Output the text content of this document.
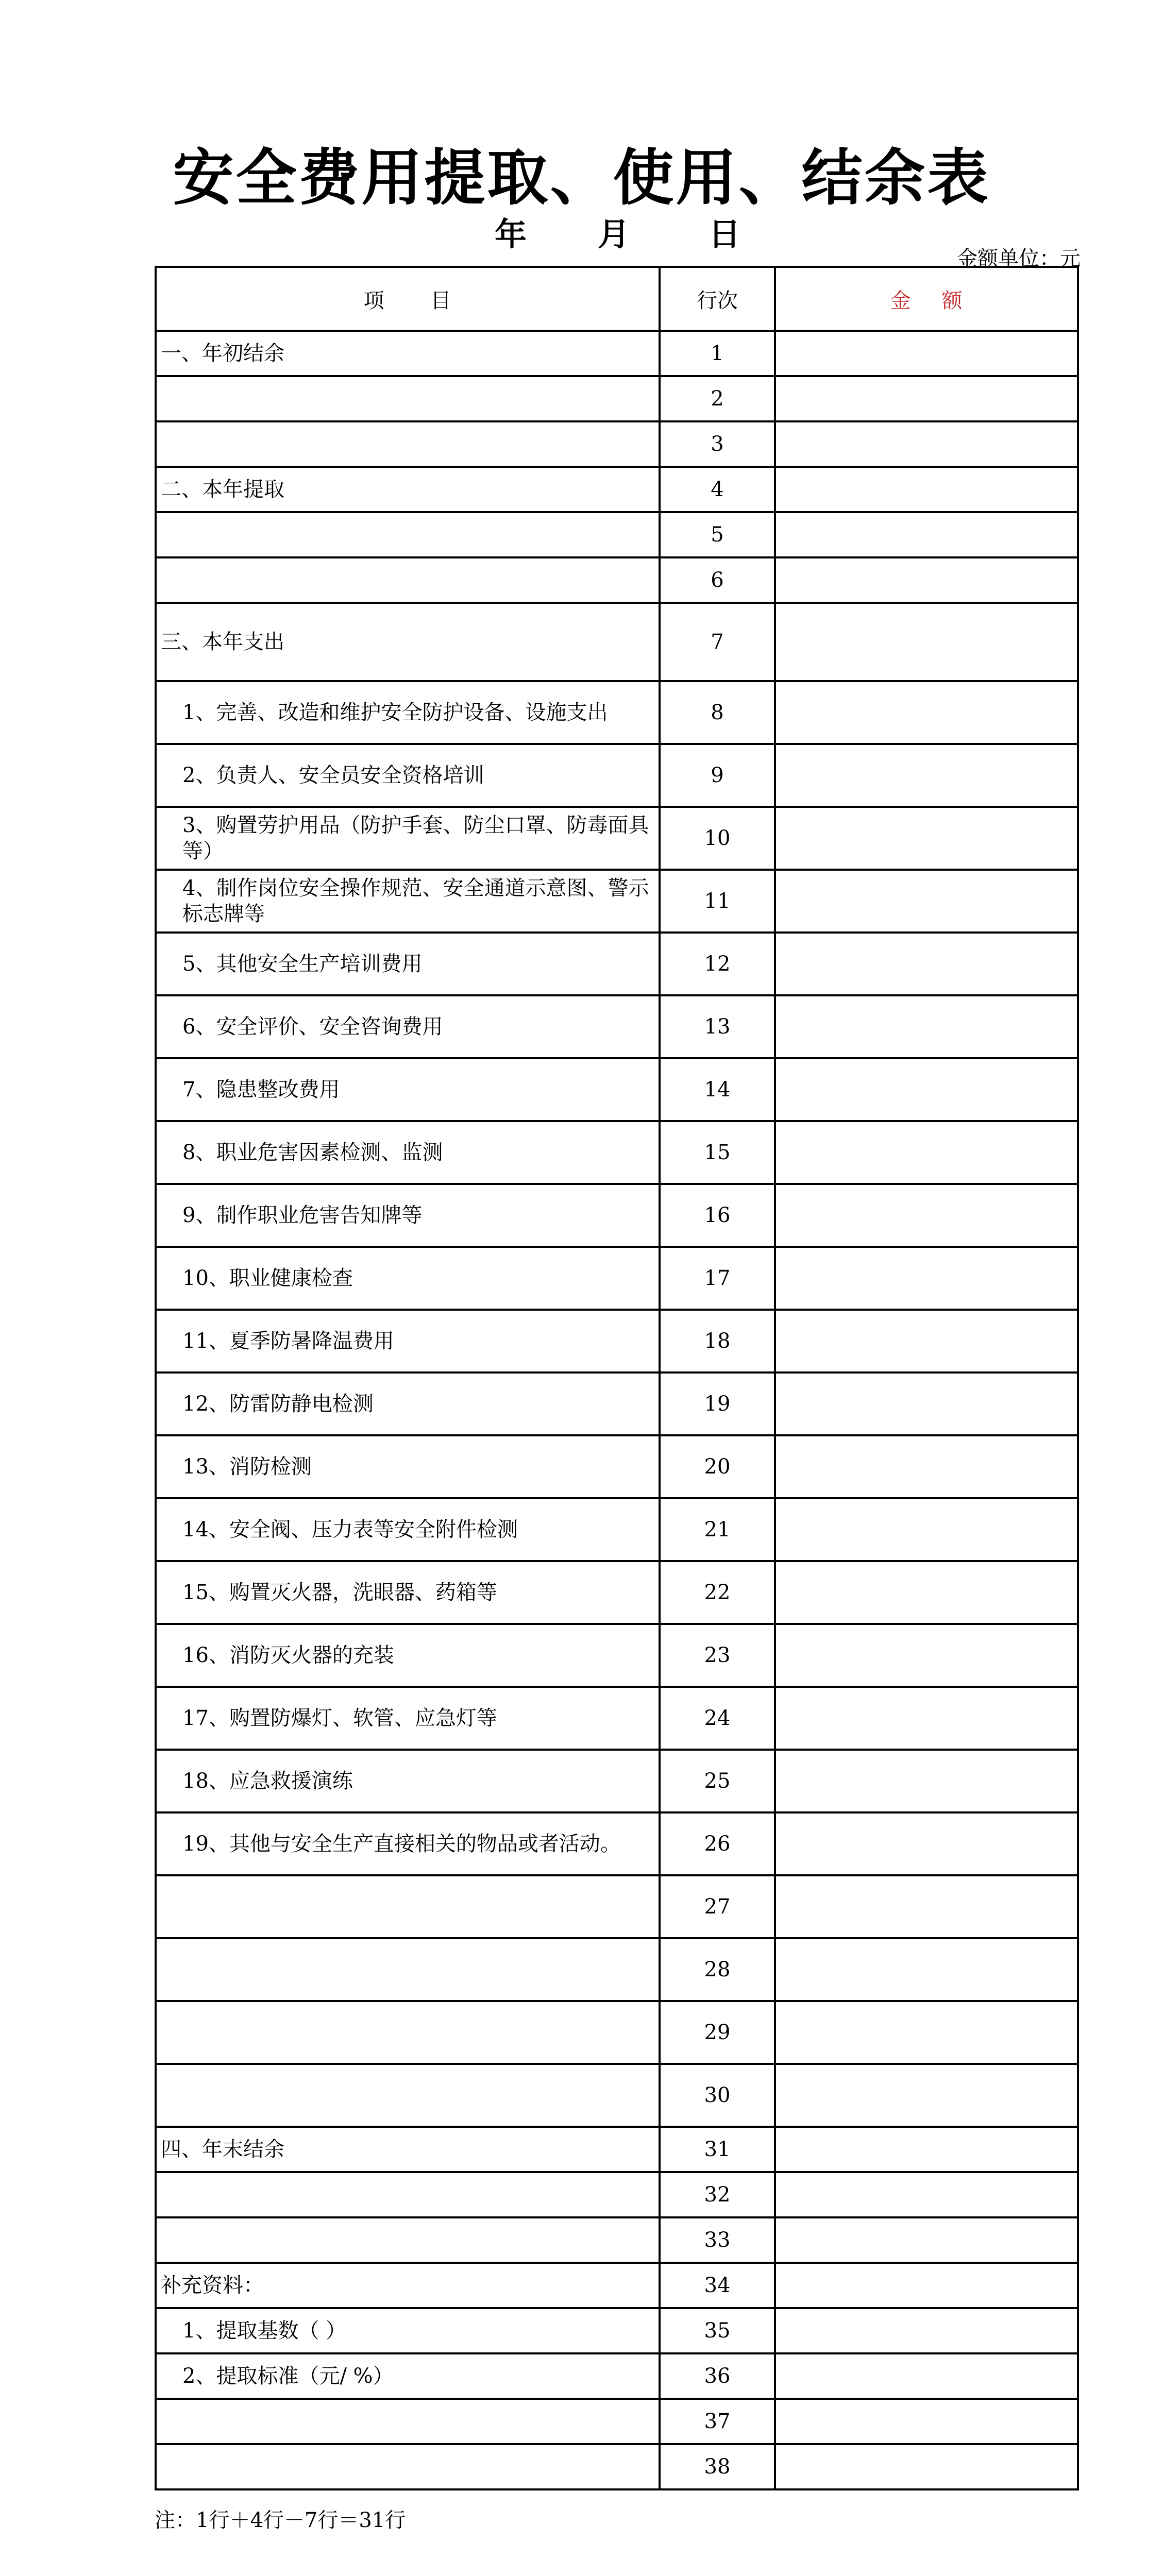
安全费用提取、使用、结余表
年 月 日
金额单位：元
项目	行次	金额
一、年初结余	1	
	2	
	3	
二、本年提取	4	
	5	
	6	
三、本年支出	7	
1、完善、改造和维护安全防护设备、设施支出	8	
2、负责人、安全员安全资格培训	9	
3、购置劳护用品（防护手套、防尘口罩、防毒面具等）	10	
4、制作岗位安全操作规范、安全通道示意图、警示标志牌等	11	
5、其他安全生产培训费用	12	
6、安全评价、安全咨询费用	13	
7、隐患整改费用	14	
8、职业危害因素检测、监测	15	
9、制作职业危害告知牌等	16	
10、职业健康检查	17	
11、夏季防暑降温费用	18	
12、防雷防静电检测	19	
13、消防检测	20	
14、安全阀、压力表等安全附件检测	21	
15、购置灭火器，洗眼器、药箱等	22	
16、消防灭火器的充装	23	
17、购置防爆灯、软管、应急灯等	24	
18、应急救援演练	25	
19、其他与安全生产直接相关的物品或者活动。	26	
	27	
	28	
	29	
	30	
四、年末结余	31	
	32	
	33	
补充资料：	34	
1、提取基数（ ）	35	
2、提取标准（元/ %）	36	
	37	
	38	
注：1行＋4行－7行＝31行
